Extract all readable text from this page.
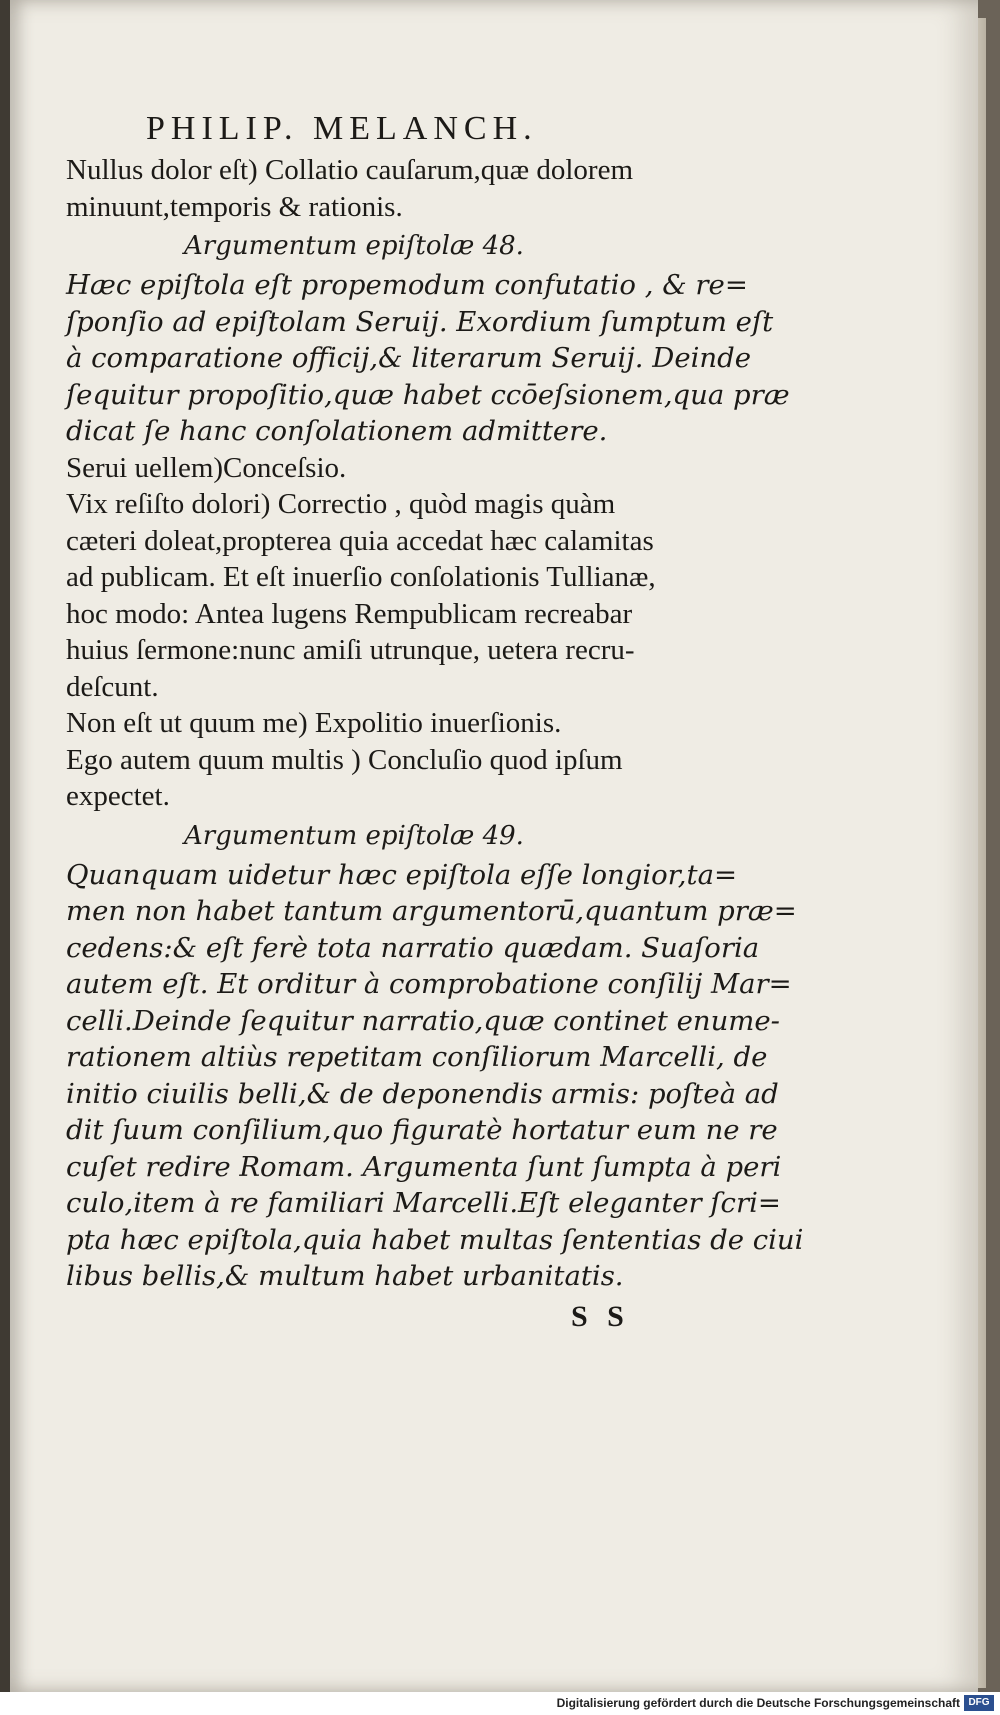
PHILIP. MELANCH.
Nullus dolor eſt) Collatio cauſarum,quæ dolorem
minuunt,temporis & rationis.
Argumentum epiſtolæ 48.
Hæc epiſtola eſt propemodum confutatio , & re=
ſponſio ad epiſtolam Seruij. Exordium ſumptum eſt
à comparatione officij,& literarum Seruij. Deinde
ſequitur propoſitio,quæ habet ccōeſsionem,qua præ
dicat ſe hanc conſolationem admittere.
Serui uellem)Conceſsio.
Vix reſiſto dolori) Correctio , quòd magis quàm
cæteri doleat,propterea quia accedat hæc calamitas
ad publicam. Et eſt inuerſio conſolationis Tullianæ,
hoc modo: Antea lugens Rempublicam recreabar
huius ſermone:nunc amiſi utrunque, uetera recru-
deſcunt.
Non eſt ut quum me) Expolitio inuerſionis.
Ego autem quum multis ) Concluſio quod ipſum
expectet.
Argumentum epiſtolæ 49.
Quanquam uidetur hæc epiſtola eſſe longior,ta=
men non habet tantum argumentorū,quantum præ=
cedens:& eſt ferè tota narratio quædam. Suaſoria
autem eſt. Et orditur à comprobatione conſilij Mar=
celli.Deinde ſequitur narratio,quæ continet enume-
rationem altiùs repetitam conſiliorum Marcelli, de
initio ciuilis belli,& de deponendis armis: poſteà ad
dit ſuum conſilium,quo figuratè hortatur eum ne re
cuſet redire Romam. Argumenta ſunt ſumpta à peri
culo,item à re familiari Marcelli.Eſt eleganter ſcri=
pta hæc epiſtola,quia habet multas ſententias de ciui
libus bellis,& multum habet urbanitatis.
S S
Digitalisierung gefördert durch die Deutsche Forschungsgemeinschaft DFG
